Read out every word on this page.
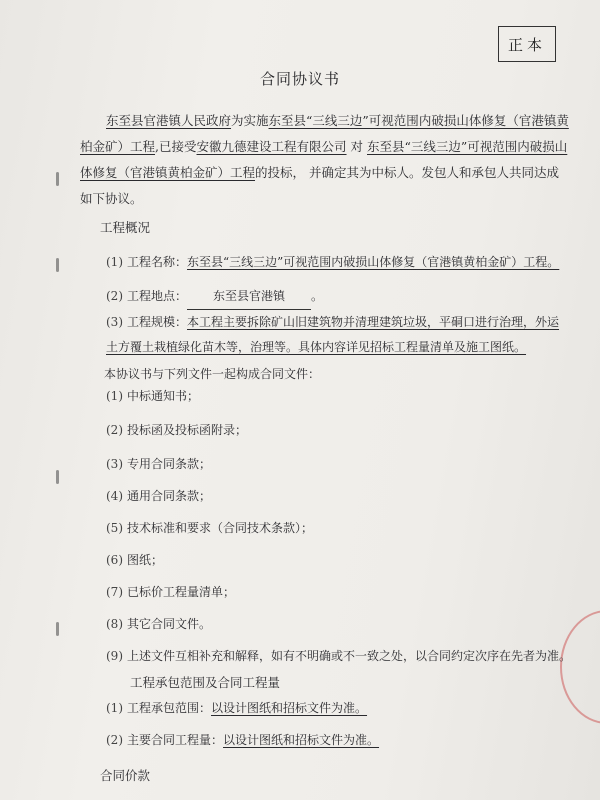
正本
合同协议书
东至县官港镇人民政府为实施东至县“三线三边”可视范围内破损山体修复（官港镇黄柏金矿）工程,已接受安徽九德建设工程有限公司 对 东至县“三线三边”可视范围内破损山体修复（官港镇黄柏金矿）工程的投标， 并确定其为中标人。发包人和承包人共同达成如下协议。
工程概况
(1) 工程名称：东至县“三线三边”可视范围内破损山体修复（官港镇黄柏金矿）工程。
(2) 工程地点： 东至县官港镇 。
(3) 工程规模：本工程主要拆除矿山旧建筑物并清理建筑垃圾，平硐口进行治理，外运土方覆土栽植绿化苗木等，治理等。具体内容详见招标工程量清单及施工图纸。
本协议书与下列文件一起构成合同文件：
(1) 中标通知书；
(2) 投标函及投标函附录；
(3) 专用合同条款；
(4) 通用合同条款；
(5) 技术标准和要求（合同技术条款）；
(6) 图纸；
(7) 已标价工程量清单；
(8) 其它合同文件。
(9) 上述文件互相补充和解释，如有不明确或不一致之处，以合同约定次序在先者为准。
工程承包范围及合同工程量
(1) 工程承包范围：以设计图纸和招标文件为准。
(2) 主要合同工程量：以设计图纸和招标文件为准。
合同价款
